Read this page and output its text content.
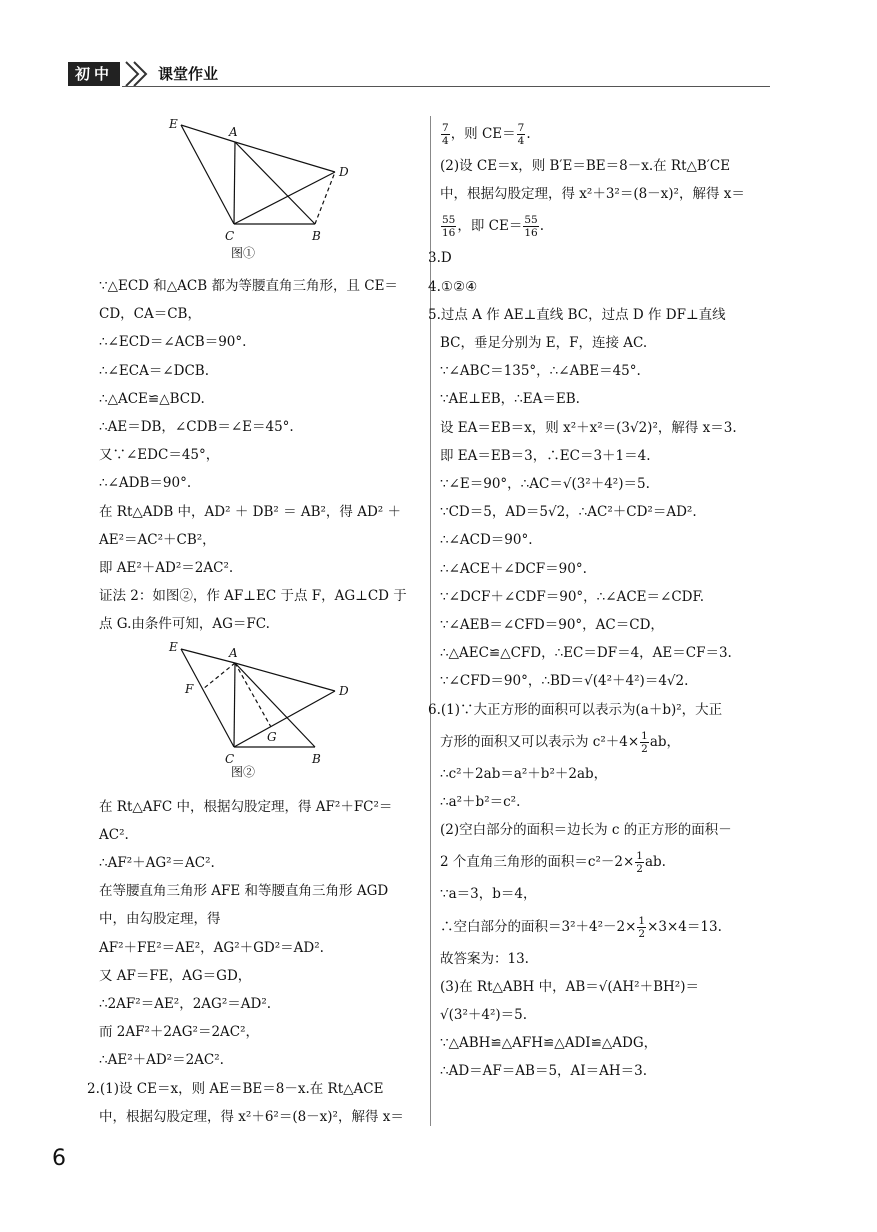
初中	课堂作业
E
A
D
C	B
图①
∵△ECD 和△ACB 都为等腰直角三角形，且 CE＝
CD，CA＝CB，
∴∠ECD＝∠ACB＝90°.
∴∠ECA＝∠DCB.
∴△ACE≌△BCD.
∴AE＝DB，∠CDB＝∠E＝45°.
又∵∠EDC＝45°，
∴∠ADB＝90°.
在 Rt△ADB 中，AD² ＋ DB² ＝ AB²，得 AD² ＋
AE²＝AC²＋CB²，
即 AE²＋AD²＝2AC².
证法 2：如图②，作 AF⊥EC 于点 F，AG⊥CD 于
点 G.由条件可知，AG＝FC.
E	A
F	D
G
C	B
图②
在 Rt△AFC 中，根据勾股定理，得 AF²＋FC²＝
AC².
∴AF²＋AG²＝AC².
在等腰直角三角形 AFE 和等腰直角三角形 AGD
中，由勾股定理，得
AF²＋FE²＝AE²，AG²＋GD²＝AD².
又 AF＝FE，AG＝GD，
∴2AF²＝AE²，2AG²＝AD².
而 2AF²＋2AG²＝2AC²，
∴AE²＋AD²＝2AC².
2.(1)设 CE＝x，则 AE＝BE＝8－x.在 Rt△ACE
中，根据勾股定理，得 x²＋6²＝(8－x)²，解得 x＝
$\frac{7}{4}$ ，则 $CE= \frac{7}{4}$ .
(2)设 CE＝x，则 B′E＝BE＝8－x.在 Rt△B′CE
中，根据勾股定理，得 x²＋3²＝(8－x)²，解得 x＝
$\frac{55}{16}$ ，即 $CE= \frac{55}{16}$ .
3.D
4.①②④
5.过点 A 作 AE⊥直线 BC，过点 D 作 DF⊥直线
BC，垂足分别为 E，F，连接 AC.
∵∠ABC＝135°，∴∠ABE＝45°.
∵AE⊥EB，∴EA＝EB.
设 EA＝EB＝x，则 x²＋x²＝(3√2)²，解得 x＝3.
即 EA＝EB＝3，∴EC＝3＋1＝4.
∵∠E＝90°，∴AC＝√(3²＋4²)＝5.
∵CD＝5，AD＝5√2，∴AC²＋CD²＝AD².
∴∠ACD＝90°.
∴∠ACE＋∠DCF＝90°.
∵∠DCF＋∠CDF＝90°，∴∠ACE＝∠CDF.
∵∠AEB＝∠CFD＝90°，AC＝CD，
∴△AEC≌△CFD，∴EC＝DF＝4，AE＝CF＝3.
∵∠CFD＝90°，∴BD＝√(4²＋4²)＝4√2.
6.(1)∵大正方形的面积可以表示为(a＋b)²，大正
方形的面积又可以表示为 $c^2+4\times \frac{1}{2}$ ab，
∴c²＋2ab＝a²＋b²＋2ab，
∴a²＋b²＝c².
(2)空白部分的面积＝边长为 c 的正方形的面积－
2 个直角三角形的面积$=c^2-2\times \frac{1}{2}$ ab.
∵a＝3，b＝4，
∴空白部分的面积$=3^2+4^2-2\times \frac{1}{2} \times 3\times 4=13$.
故答案为：13.
(3)在 Rt△ABH 中，AB＝√(AH²＋BH²)＝
√(3²＋4²)＝5.
∵△ABH≌△AFH≌△ADI≌△ADG，
∴AD＝AF＝AB＝5，AI＝AH＝3.
6
